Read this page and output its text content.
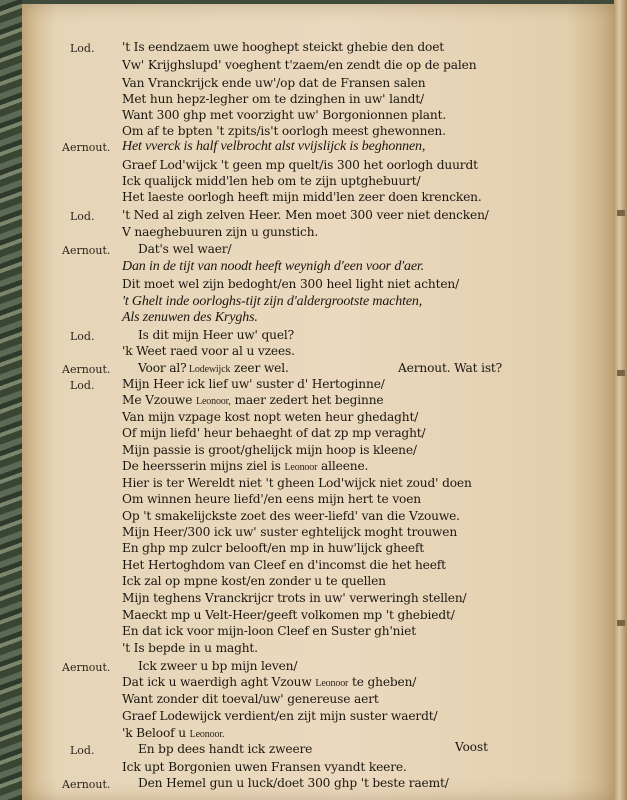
Lod. 't Is eendzaem uwe hooghept steickt ghebie den doet
Vw' Krijghslupd' voeghent t'zaem/en zendt die op de palen
Van Vranckrijck ende uw'/op dat de Fransen salen
Met hun hepz-legher om te dzinghen in uw' landt/
Want 300 ghp met voorzight uw' Borgonionnen plant.
Om af te bpten 't zpits/is't oorlogh meest ghewonnen.
Aernout. Het vverck is half velbrocht alst vvijslijck is beghonnen,
Graef Lod'wijck 't geen mp quelt/is 300 het oorlogh duurdt
Ick qualijck midd'len heb om te zijn uptghebuurt/
Het laeste oorlogh heeft mijn midd'len zeer doen krencken.
Lod. 't Ned al zigh zelven Heer. Men moet 300 veer niet dencken/
V naeghebuuren zijn u gunstich.
Aernout. Dat's wel waer/
Dan in de tijt van noodt heeft weynigh d'een voor d'aer.
Dit moet wel zijn bedoght/en 300 heel light niet achten/
't Ghelt inde oorloghs-tijt zijn d'aldergrootste machten,
Als zenuwen des Kryghs.
Lod.	Is dit mijn Heer uw' quel?
'k Weet raed voor al u vzees.
Aernout. Voor al? Lodewijck zeer wel.	Aernout. Wat ist?
Lod. Mijn Heer ick lief uw' suster d' Hertoginne/
Me Vzouwe Leonoor, maer zedert het beginne
Van mijn vzpage kost nopt weten heur ghedaght/
Of mijn liefd' heur behaeght of dat zp mp veraght/
Mijn passie is groot/ghelijck mijn hoop is kleene/
De heersserin mijns ziel is Leonoor alleene.
Hier is ter Wereldt niet 't gheen Lod'wijck niet zoud' doen
Om winnen heure liefd'/en eens mijn hert te voen
Op 't smakelijckste zoet des weer-liefd' van die Vzouwe.
Mijn Heer/300 ick uw' suster eghtelijck moght trouwen
En ghp mp zulcr belooft/en mp in huw'lijck gheeft
Het Hertoghdom van Cleef en d'incomst die het heeft
Ick zal op mpne kost/en zonder u te quellen
Mijn teghens Vranckrijcr trots in uw' verweringh stellen/
Maeckt mp u Velt-Heer/geeft volkomen mp 't ghebiedt/
En dat ick voor mijn-loon Cleef en Suster gh'niet
't Is bepde in u maght.
Aernout. Ick zweer u bp mijn leven/
Dat ick u waerdigh aght Vzouw Leonoor te gheben/
Want zonder dit toeval/uw' genereuse aert
Graef Lodewijck verdient/en zijt mijn suster waerdt/
'k Beloof u Leonoor.
Lod.	En bp dees handt ick zweere
Ick upt Borgonien uwen Fransen vyandt keere.
Aernout. Den Hemel gun u luck/doet 300 ghp 't beste raemt/
Voost
